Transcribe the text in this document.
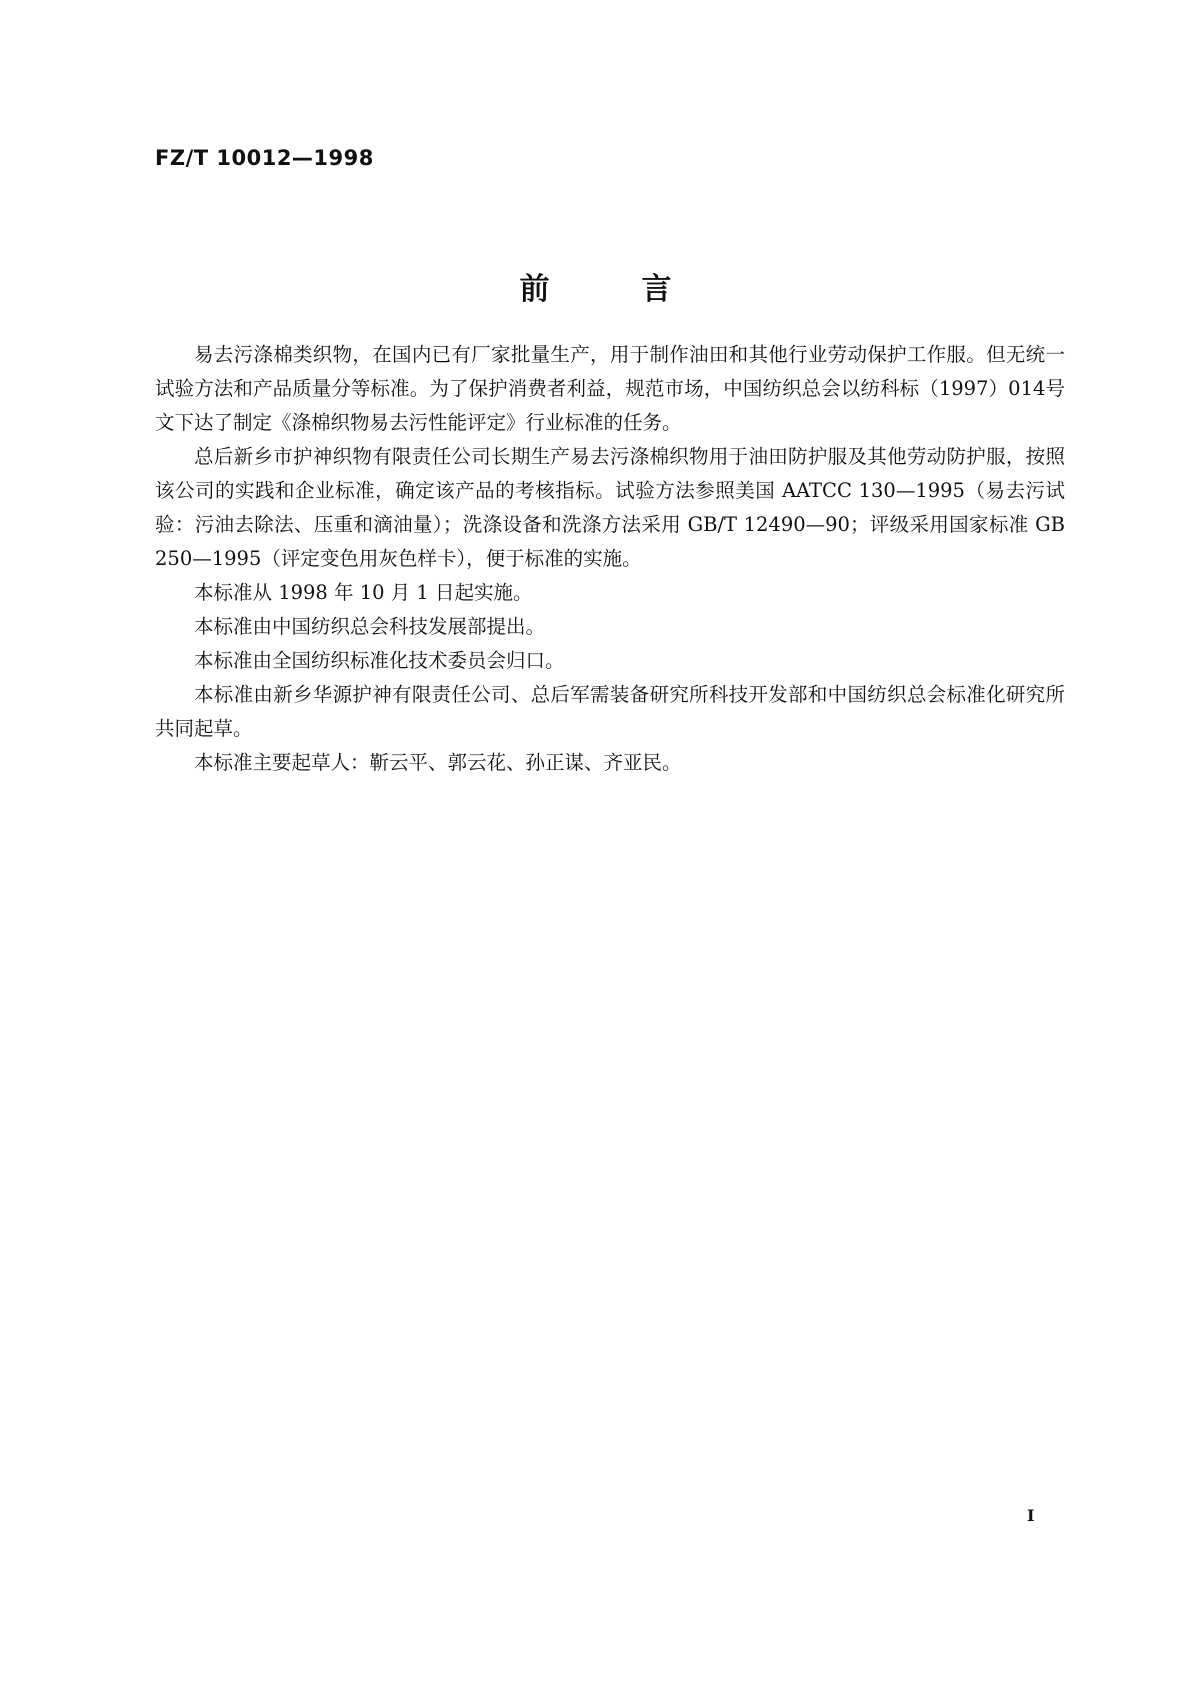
FZ/T 10012—1998
前言

易去污涤棉类织物，在国内已有厂家批量生产，用于制作油田和其他行业劳动保护工作服。但无统一试验方法和产品质量分等标准。为了保护消费者利益，规范市场，中国纺织总会以纺科标（1997）014号文下达了制定《涤棉织物易去污性能评定》行业标准的任务。

总后新乡市护神织物有限责任公司长期生产易去污涤棉织物用于油田防护服及其他劳动防护服，按照该公司的实践和企业标准，确定该产品的考核指标。试验方法参照美国 AATCC 130—1995（易去污试验：污油去除法、压重和滴油量）；洗涤设备和洗涤方法采用 GB/T 12490—90；评级采用国家标准 GB 250—1995（评定变色用灰色样卡），便于标准的实施。

本标准从 1998 年 10 月 1 日起实施。

本标准由中国纺织总会科技发展部提出。

本标准由全国纺织标准化技术委员会归口。

本标准由新乡华源护神有限责任公司、总后军需装备研究所科技开发部和中国纺织总会标准化研究所共同起草。

本标准主要起草人：靳云平、郭云花、孙正谋、齐亚民。

I
